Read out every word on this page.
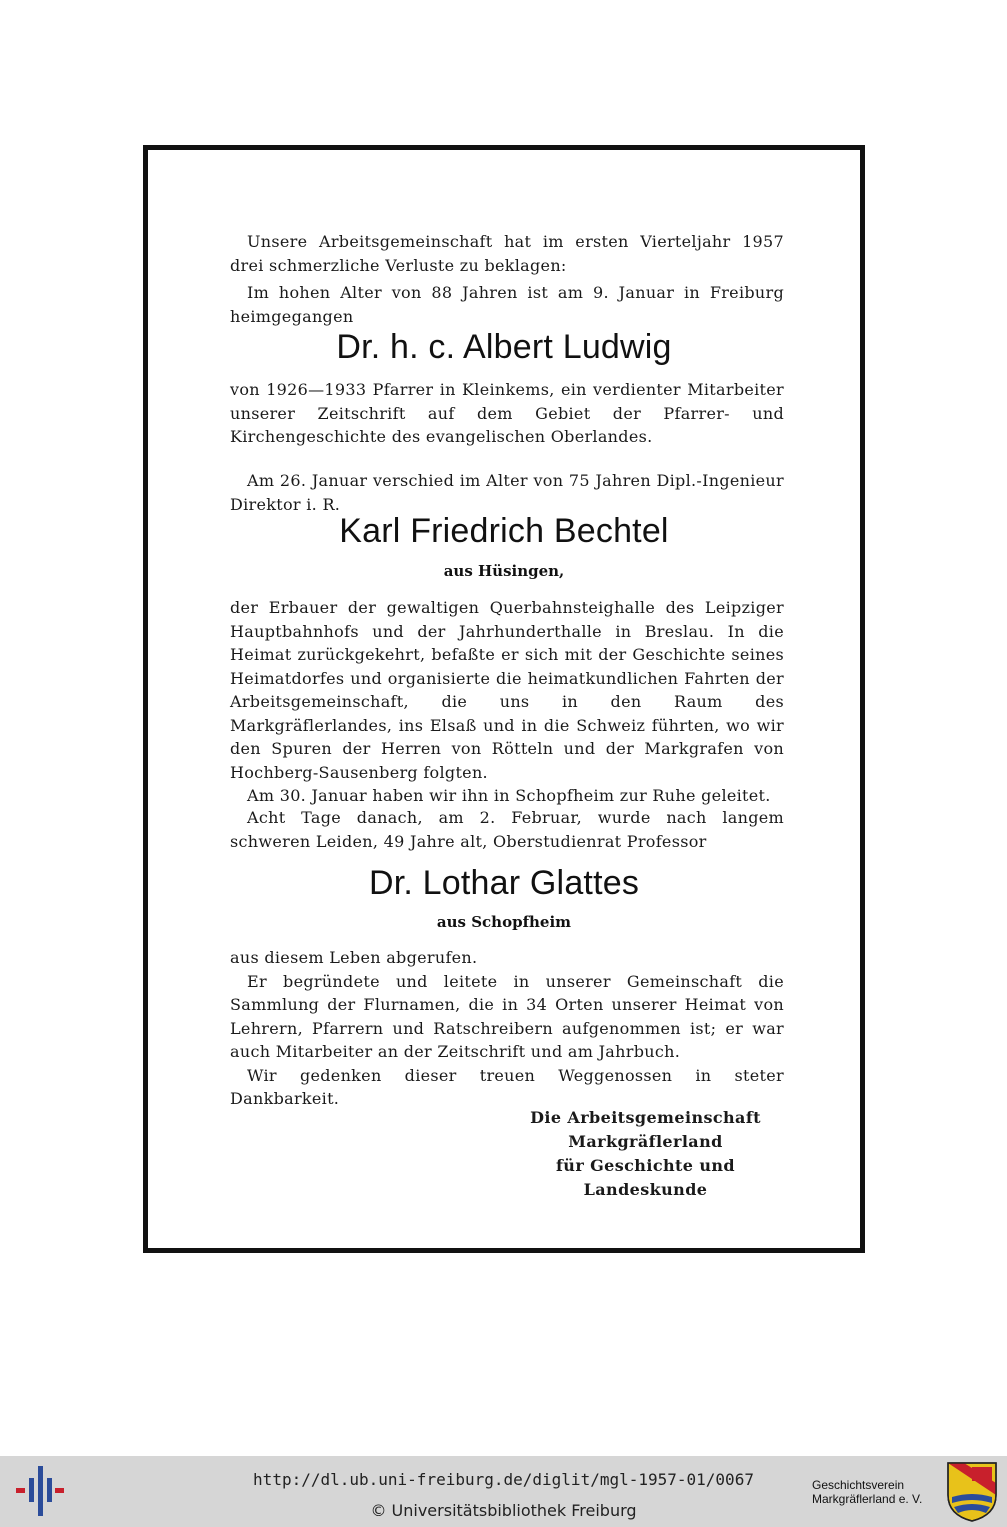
Unsere Arbeitsgemeinschaft hat im ersten Vierteljahr 1957 drei schmerzliche Verluste zu beklagen:

Im hohen Alter von 88 Jahren ist am 9. Januar in Freiburg heimgegangen

Dr. h. c. Albert Ludwig

von 1926—1933 Pfarrer in Kleinkems, ein verdienter Mitarbeiter unserer Zeitschrift auf dem Gebiet der Pfarrer- und Kirchengeschichte des evangelischen Oberlandes.

Am 26. Januar verschied im Alter von 75 Jahren Dipl.-Ingenieur Direktor i. R.

Karl Friedrich Bechtel
aus Hüsingen,

der Erbauer der gewaltigen Querbahnsteighalle des Leipziger Hauptbahnhofs und der Jahrhunderthalle in Breslau. In die Heimat zurückgekehrt, befaßte er sich mit der Geschichte seines Heimatdorfes und organisierte die heimatkundlichen Fahrten der Arbeitsgemeinschaft, die uns in den Raum des Markgräflerlandes, ins Elsaß und in die Schweiz führten, wo wir den Spuren der Herren von Rötteln und der Markgrafen von Hochberg-Sausenberg folgten.

Am 30. Januar haben wir ihn in Schopfheim zur Ruhe geleitet.

Acht Tage danach, am 2. Februar, wurde nach langem schweren Leiden, 49 Jahre alt, Oberstudienrat Professor

Dr. Lothar Glattes
aus Schopfheim

aus diesem Leben abgerufen.

Er begründete und leitete in unserer Gemeinschaft die Sammlung der Flurnamen, die in 34 Orten unserer Heimat von Lehrern, Pfarrern und Ratschreibern aufgenommen ist; er war auch Mitarbeiter an der Zeitschrift und am Jahrbuch.

Wir gedenken dieser treuen Weggenossen in steter Dankbarkeit.

Die Arbeitsgemeinschaft
Markgräflerland
für Geschichte und Landeskunde
http://dl.ub.uni-freiburg.de/diglit/mgl-1957-01/0067
© Universitätsbibliothek Freiburg
Geschichtsverein
Markgräflerland e. V.
